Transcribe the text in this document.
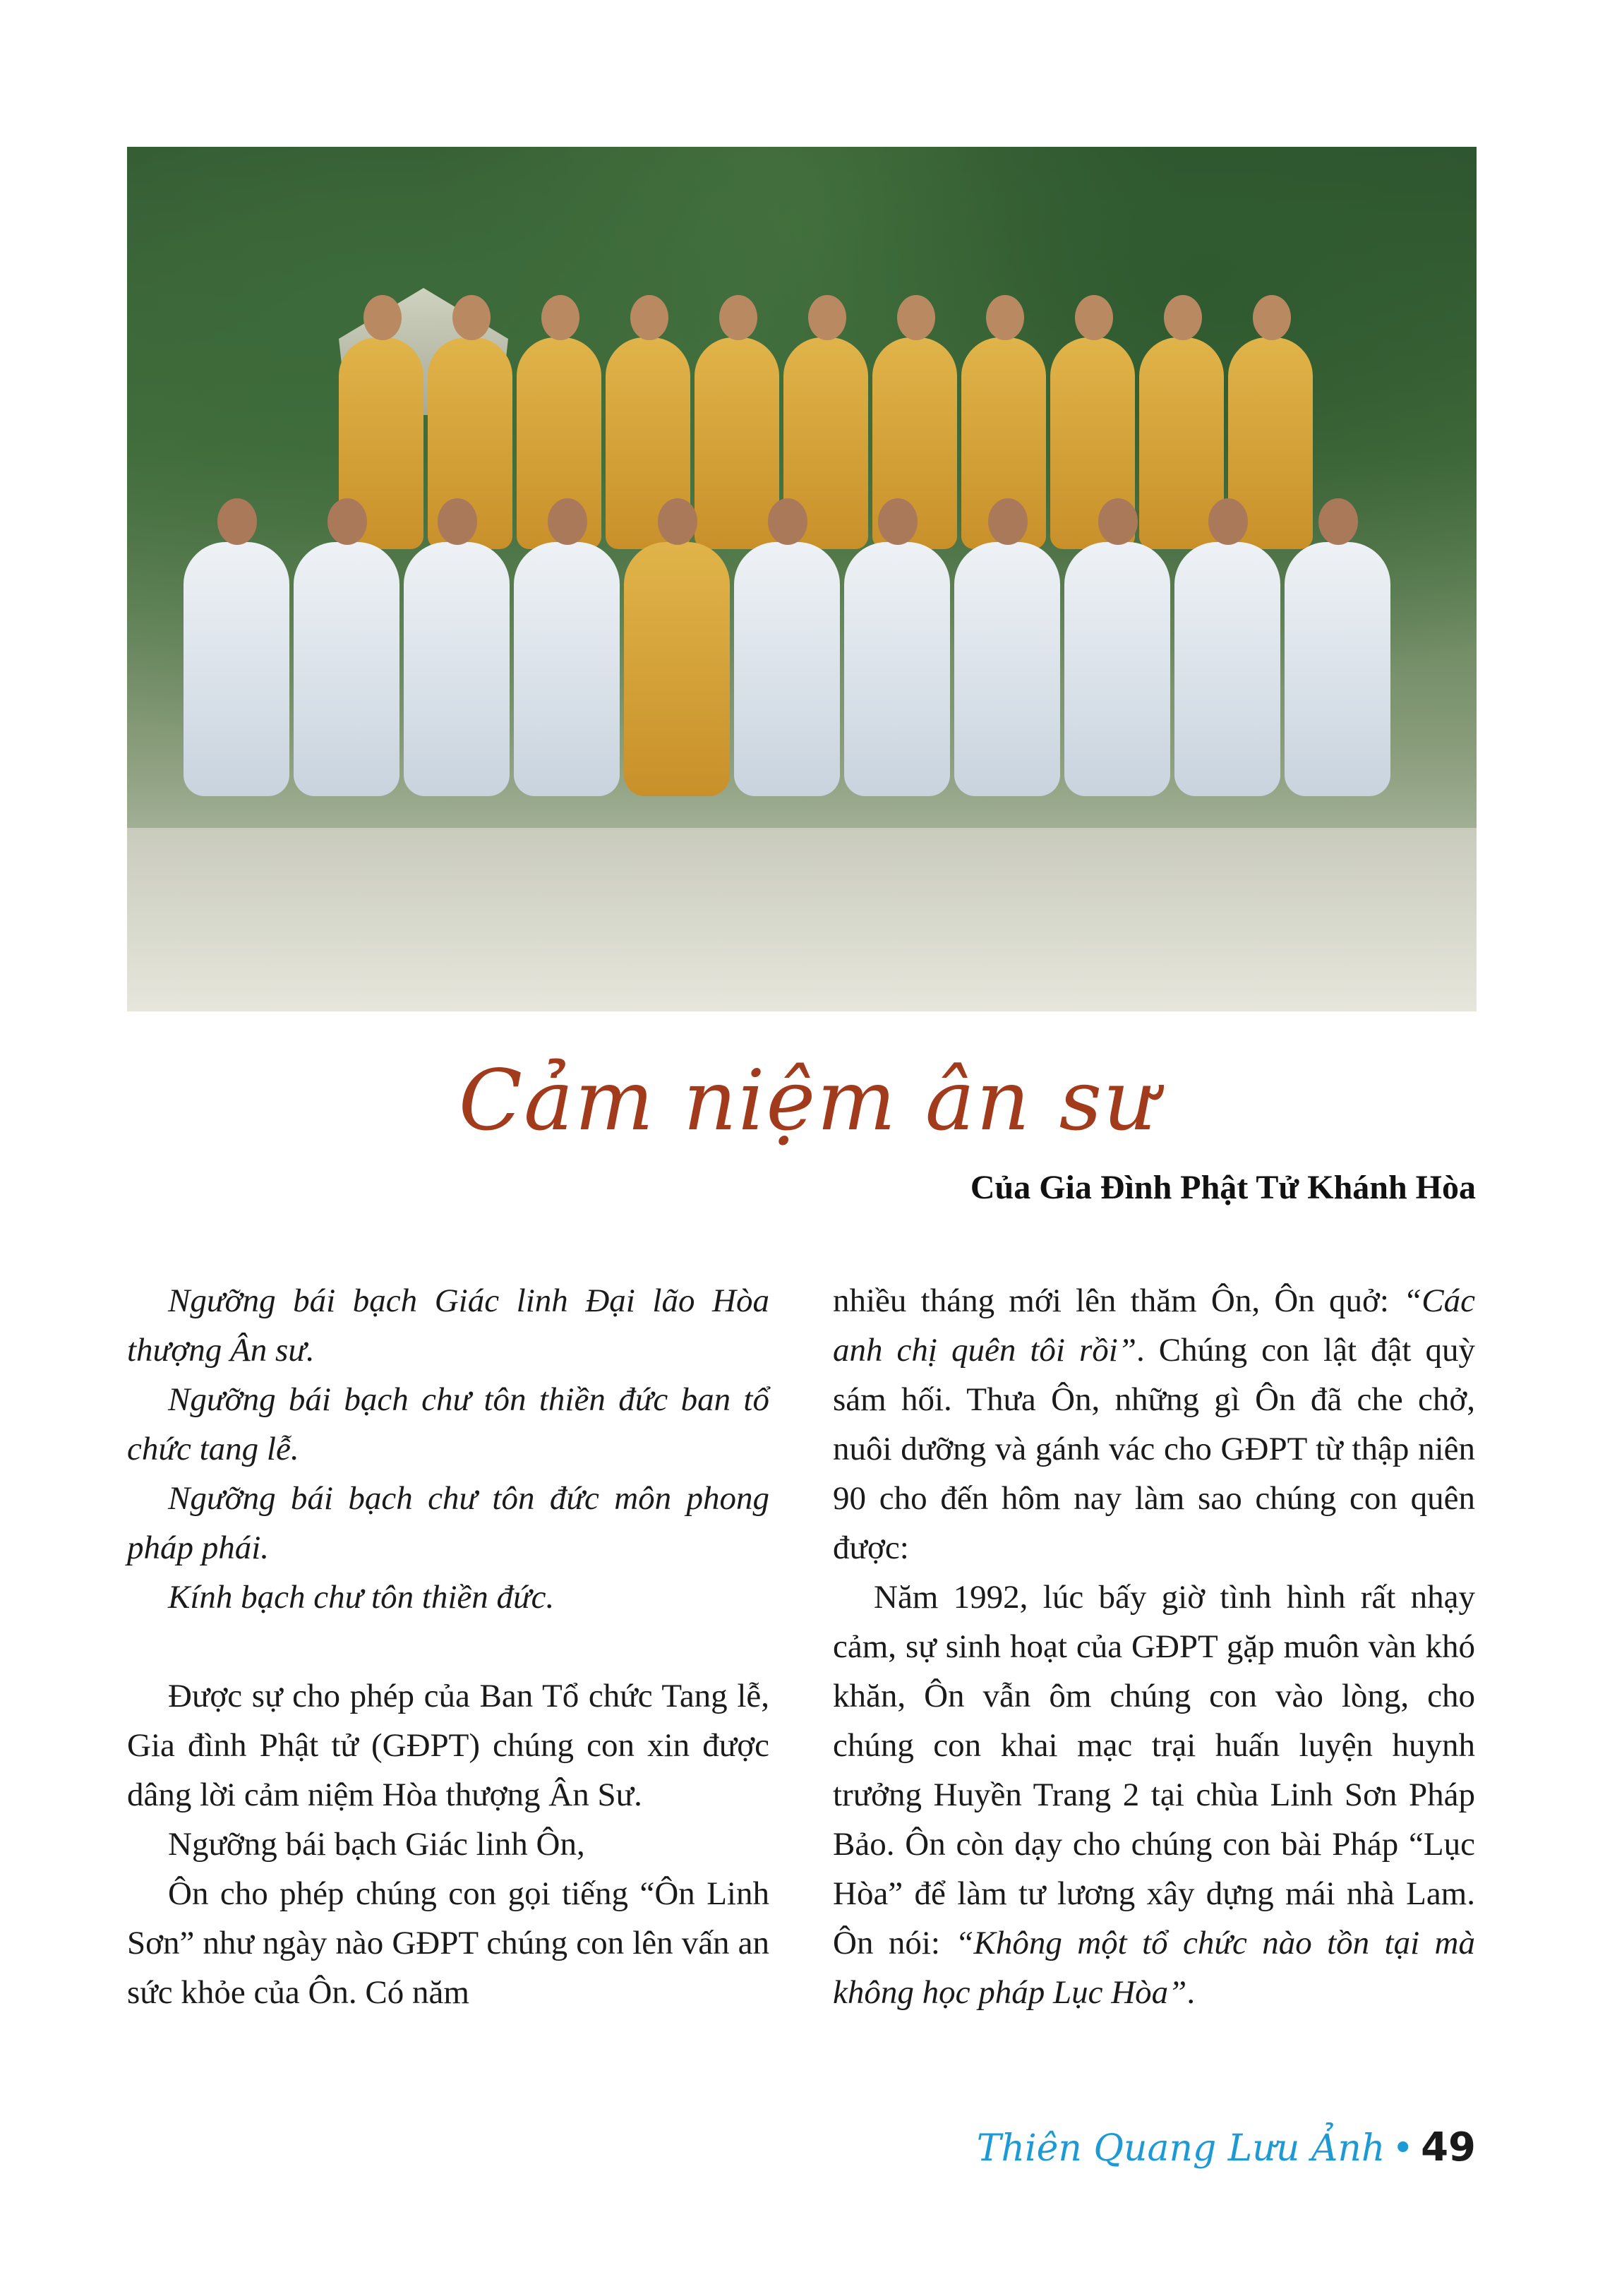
Cảm niệm ân sư
Của Gia Đình Phật Tử Khánh Hòa

Ngưỡng bái bạch Giác linh Đại lão Hòa thượng Ân sư.

Ngưỡng bái bạch chư tôn thiền đức ban tổ chức tang lễ.

Ngưỡng bái bạch chư tôn đức môn phong pháp phái.

Kính bạch chư tôn thiền đức.

Được sự cho phép của Ban Tổ chức Tang lễ, Gia đình Phật tử (GĐPT) chúng con xin được dâng lời cảm niệm Hòa thượng Ân Sư.

Ngưỡng bái bạch Giác linh Ôn,

Ôn cho phép chúng con gọi tiếng “Ôn Linh Sơn” như ngày nào GĐPT chúng con lên vấn an sức khỏe của Ôn. Có năm

nhiều tháng mới lên thăm Ôn, Ôn quở: “Các anh chị quên tôi rồi”. Chúng con lật đật quỳ sám hối. Thưa Ôn, những gì Ôn đã che chở, nuôi dưỡng và gánh vác cho GĐPT từ thập niên 90 cho đến hôm nay làm sao chúng con quên được:

Năm 1992, lúc bấy giờ tình hình rất nhạy cảm, sự sinh hoạt của GĐPT gặp muôn vàn khó khăn, Ôn vẫn ôm chúng con vào lòng, cho chúng con khai mạc trại huấn luyện huynh trưởng Huyền Trang 2 tại chùa Linh Sơn Pháp Bảo. Ôn còn dạy cho chúng con bài Pháp “Lục Hòa” để làm tư lương xây dựng mái nhà Lam. Ôn nói: “Không một tổ chức nào tồn tại mà không học pháp Lục Hòa”.

Thiên Quang Lưu Ảnh • 49
